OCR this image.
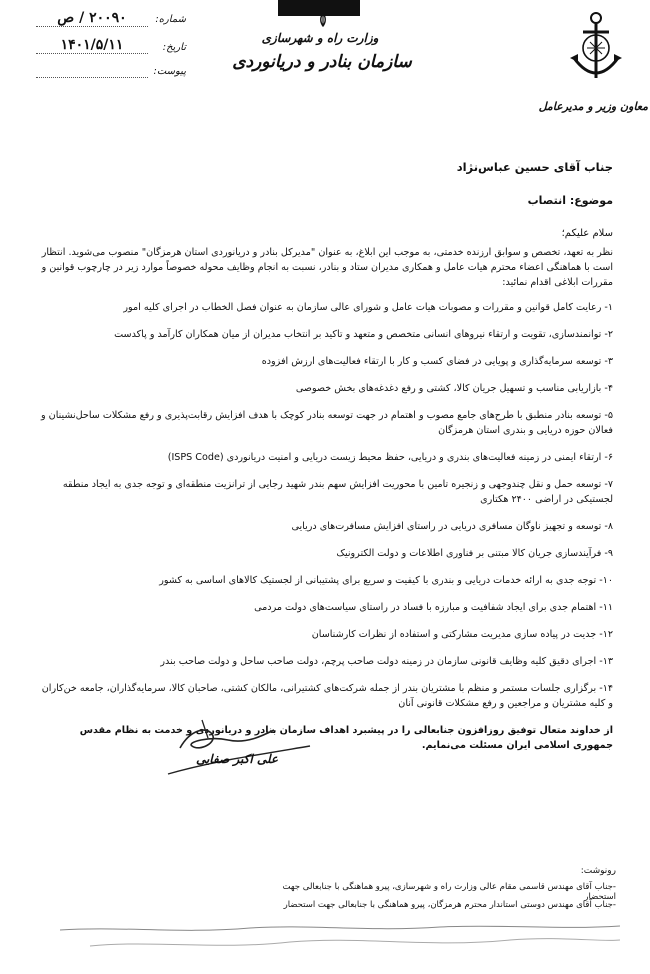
وزارت راه و شهرسازی
سازمان بنادر و دریانوردی
شماره:
۲۰۰۹۰ / ص
تاریخ:
۱۴۰۱/۵/۱۱
پیوست:
معاون وزیر و مدیرعامل
جناب آقای حسین عباس‌نژاد
موضوع: انتصاب
سلام علیکم؛

نظر به تعهد، تخصص و سوابق ارزنده خدمتی، به موجب این ابلاغ، به عنوان "مدیرکل بنادر و دریانوردی استان هرمزگان" منصوب می‌شوید. انتظار است با هماهنگی اعضاء محترم هیات عامل و همکاری مدیران ستاد و بنادر، نسبت به انجام وظایف محوله خصوصاً موارد زیر در چارچوب قوانین و مقررات ابلاغی اقدام نمائید:

۱- رعایت کامل قوانین و مقررات و مصوبات هیات عامل و شورای عالی سازمان به عنوان فصل الخطاب در اجرای کلیه امور

۲- توانمندسازی، تقویت و ارتقاء نیروهای انسانی متخصص و متعهد و تاکید بر انتخاب مدیران از میان همکاران کارآمد و پاکدست

۳- توسعه سرمایه‌گذاری و پویایی در فضای کسب و کار با ارتقاء فعالیت‌های ارزش افزوده

۴- بازاریابی مناسب و تسهیل جریان کالا، کشتی و رفع دغدغه‌های بخش خصوصی

۵- توسعه بنادر منطبق با طرح‌های جامع مصوب و اهتمام در جهت توسعه بنادر کوچک با هدف افزایش رقابت‌پذیری و رفع مشکلات ساحل‌نشینان و فعالان حوزه دریایی و بندری استان هرمزگان

۶- ارتقاء ایمنی در زمینه فعالیت‌های بندری و دریایی، حفظ محیط زیست دریایی و امنیت دریانوردی (ISPS Code)

۷- توسعه حمل و نقل چندوجهی و زنجیره تامین با محوریت افزایش سهم بندر شهید رجایی از ترانزیت منطقه‌ای و توجه جدی به ایجاد منطقه لجستیکی در اراضی ۲۴۰۰ هکتاری

۸- توسعه و تجهیز ناوگان مسافری دریایی در راستای افزایش مسافرت‌های دریایی

۹- فرآیندسازی جریان کالا مبتنی بر فناوری اطلاعات و دولت الکترونیک

۱۰- توجه جدی به ارائه خدمات دریایی و بندری با کیفیت و سریع برای پشتیبانی از لجستیک کالاهای اساسی به کشور

۱۱- اهتمام جدی برای ایجاد شفافیت و مبارزه با فساد در راستای سیاست‌های دولت مردمی

۱۲- جدیت در پیاده سازی مدیریت مشارکتی و استفاده از نظرات کارشناسان

۱۳- اجرای دقیق کلیه وظایف قانونی سازمان در زمینه دولت صاحب پرچم، دولت صاحب ساحل و دولت صاحب بندر

۱۴- برگزاری جلسات مستمر و منظم با مشتریان بندر از جمله شرکت‌های کشتیرانی، مالکان کشتی، صاحبان کالا، سرمایه‌گذاران، جامعه خن‌کاران و کلیه مشتریان و مراجعین و رفع مشکلات قانونی آنان

از خداوند متعال توفیق روزافزون جنابعالی را در پیشبرد اهداف سازمان بنادر و دریانوردی و خدمت به نظام مقدس جمهوری اسلامی ایران مسئلت می‌نمایم.

علی اکبر صفایی
رونوشت:
-جناب آقای مهندس قاسمی مقام عالی وزارت راه و شهرسازی، پیرو هماهنگی با جنابعالی جهت استحضار
-جناب آقای مهندس دوستی استاندار محترم هرمزگان، پیرو هماهنگی با جنابعالی جهت استحضار
